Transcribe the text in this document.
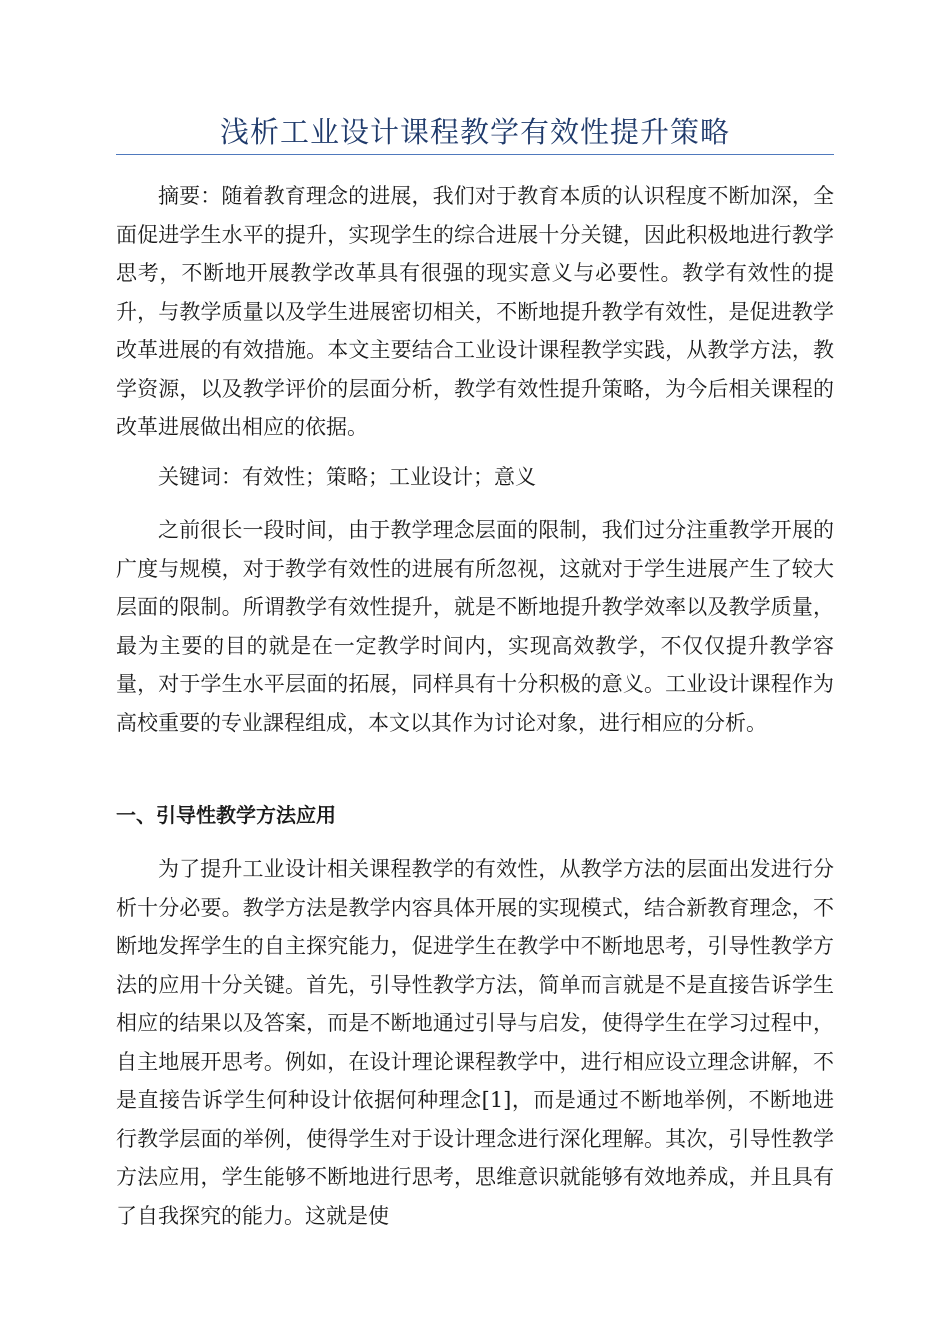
浅析工业设计课程教学有效性提升策略

摘要：随着教育理念的进展，我们对于教育本质的认识程度不断加深，全面促进学生水平的提升，实现学生的综合进展十分关键，因此积极地进行教学思考，不断地开展教学改革具有很强的现实意义与必要性。教学有效性的提升，与教学质量以及学生进展密切相关，不断地提升教学有效性，是促进教学改革进展的有效措施。本文主要结合工业设计课程教学实践，从教学方法，教学资源，以及教学评价的层面分析，教学有效性提升策略，为今后相关课程的改革进展做出相应的依据。

关键词：有效性；策略；工业设计；意义

之前很长一段时间，由于教学理念层面的限制，我们过分注重教学开展的广度与规模，对于教学有效性的进展有所忽视，这就对于学生进展产生了较大层面的限制。所谓教学有效性提升，就是不断地提升教学效率以及教学质量，最为主要的目的就是在一定教学时间内，实现高效教学，不仅仅提升教学容量，对于学生水平层面的拓展，同样具有十分积极的意义。工业设计课程作为高校重要的专业課程组成，本文以其作为讨论对象，进行相应的分析。

一、引导性教学方法应用

为了提升工业设计相关课程教学的有效性，从教学方法的层面出发进行分析十分必要。教学方法是教学内容具体开展的实现模式，结合新教育理念，不断地发挥学生的自主探究能力，促进学生在教学中不断地思考，引导性教学方法的应用十分关键。首先，引导性教学方法，简单而言就是不是直接告诉学生相应的结果以及答案，而是不断地通过引导与启发，使得学生在学习过程中，自主地展开思考。例如，在设计理论课程教学中，进行相应设立理念讲解，不是直接告诉学生何种设计依据何种理念[1]，而是通过不断地举例，不断地进行教学层面的举例，使得学生对于设计理念进行深化理解。其次，引导性教学方法应用，学生能够不断地进行思考，思维意识就能够有效地养成，并且具有了自我探究的能力。这就是使
